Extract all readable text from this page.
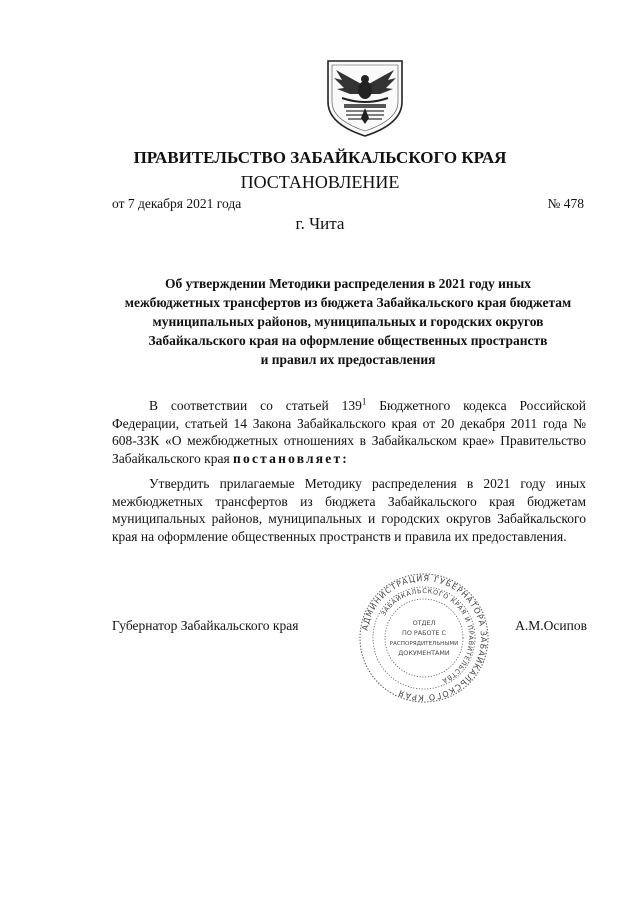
ПРАВИТЕЛЬСТВО ЗАБАЙКАЛЬСКОГО КРАЯ
ПОСТАНОВЛЕНИЕ
от 7 декабря 2021 года	№ 478
г. Чита
Об утверждении Методики распределения в 2021 году иных
межбюджетных трансфертов из бюджета Забайкальского края бюджетам
муниципальных районов, муниципальных и городских округов
Забайкальского края на оформление общественных пространств
и правил их предоставления
В соответствии со статьей $139^1$ Бюджетного кодекса Российской Федерации, статьей 14 Закона Забайкальского края от 20 декабря 2011 года № 608-ЗЗК «О межбюджетных отношениях в Забайкальском крае» Правительство Забайкальского края постановляет:
Утвердить прилагаемые Методику распределения в 2021 году иных межбюджетных трансфертов из бюджета Забайкальского края бюджетам муниципальных районов, муниципальных и городских округов Забайкальского края на оформление общественных пространств и правила их предоставления.
Губернатор Забайкальского края	АДМИНИСТРАЦИЯ ГУБЕРНАТОРА ЗАБАЙКАЛЬСКОГО КРАЯ
ЗАБАЙКАЛЬСКОГО КРАЯ И ПРАВИТЕЛЬСТВА
ОТДЕЛ
ПО РАБОТЕ С
РАСПОРЯДИТЕЛЬНЫМИ
ДОКУМЕНТАМИ
А.М.Осипов
